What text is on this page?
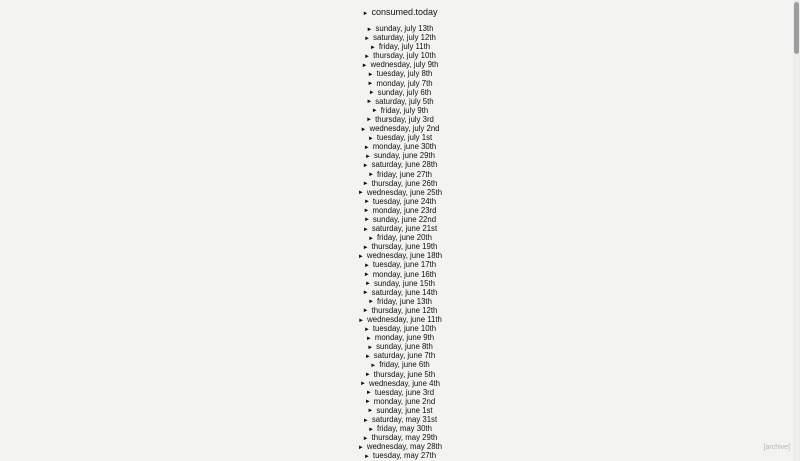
► consumed.today
► sunday, july 13th
► saturday, july 12th
► friday, july 11th
► thursday, july 10th
► wednesday, july 9th
► tuesday, july 8th
► monday, july 7th
► sunday, july 6th
► saturday, july 5th
► friday, july 9th
► thursday, july 3rd
► wednesday, july 2nd
► tuesday, july 1st
► monday, june 30th
► sunday, june 29th
► saturday, june 28th
► friday, june 27th
► thursday, june 26th
► wednesday, june 25th
► tuesday, june 24th
► monday, june 23rd
► sunday, june 22nd
► saturday, june 21st
► friday, june 20th
► thursday, june 19th
► wednesday, june 18th
► tuesday, june 17th
► monday, june 16th
► sunday, june 15th
► saturday, june 14th
► friday, june 13th
► thursday, june 12th
► wednesday, june 11th
► tuesday, june 10th
► monday, june 9th
► sunday, june 8th
► saturday, june 7th
► friday, june 6th
► thursday, june 5th
► wednesday, june 4th
► tuesday, june 3rd
► monday, june 2nd
► sunday, june 1st
► saturday, may 31st
► friday, may 30th
► thursday, may 29th
► wednesday, may 28th
► tuesday, may 27th
[archive]
